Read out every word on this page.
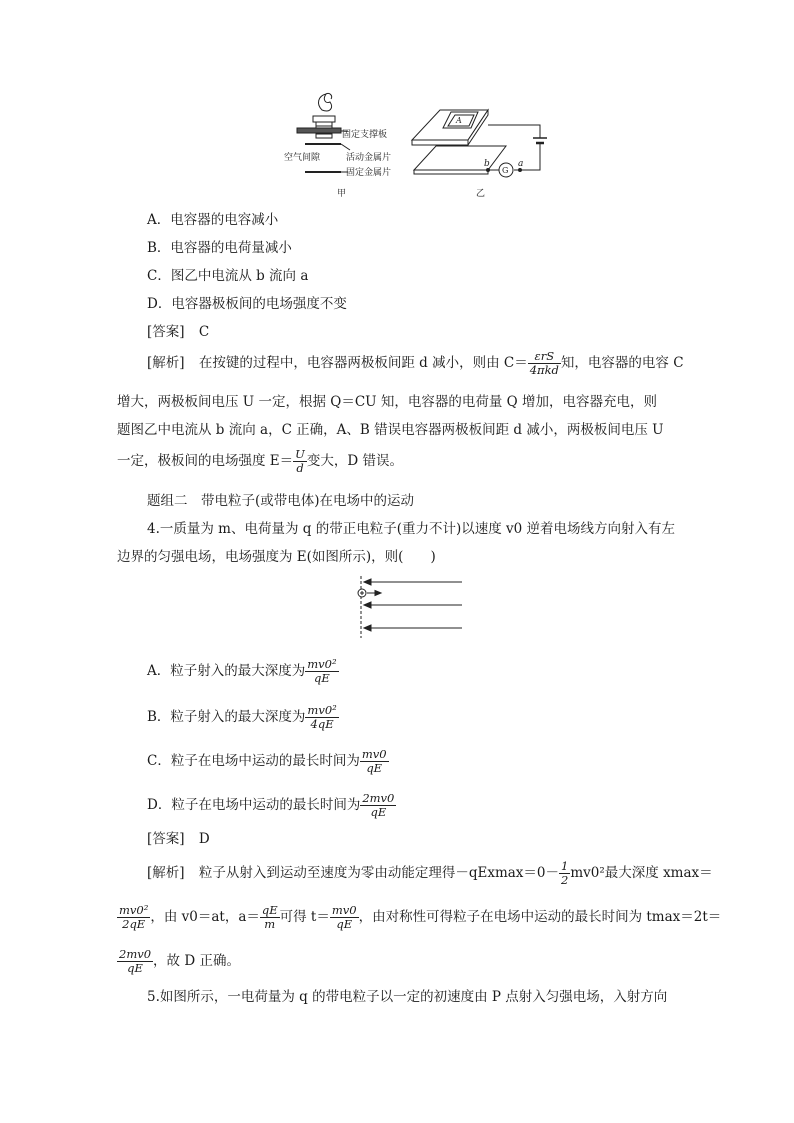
固定支撑板
空气间隙	活动金属片
固定金属片
甲
A
b
G
a
乙
A．电容器的电容减小
B．电容器的电荷量减小
C．图乙中电流从 b 流向 a
D．电容器极板间的电场强度不变
[答案] C
[解析] 在按键的过程中，电容器两极板间距 d 减小，则由 $C= \frac{\text{εrS}}{\text{4πkd}}$ 知，电容器的电容 C
增大，两极板间电压 U 一定，根据 Q＝CU 知，电容器的电荷量 Q 增加，电容器充电，则
题图乙中电流从 b 流向 a，C 正确，A、B 错误电容器两极板间距 d 减小，两极板间电压 U
一定，极板间的电场强度 $E= \frac{U}{d}$ 变大，D 错误。
题组二　带电粒子(或带电体)在电场中的运动
4.一质量为 m、电荷量为 q 的带正电粒子(重力不计)以速度 v0 逆着电场线方向射入有左
边界的匀强电场，电场强度为 E(如图所示)，则(　　)
A．粒子射入的最大深度为 $\frac{\text{mv0²}}{qE}$
B．粒子射入的最大深度为 $\frac{\text{mv0²}}{4qE}$
C．粒子在电场中运动的最长时间为 $\frac{mv0}{qE}$
D．粒子在电场中运动的最长时间为 $\frac{2mv0}{qE}$
[答案] D
[解析] 粒子从射入到运动至速度为零由动能定理得$-qExmax=0- \frac{1}{2} mv0^2$最大深度 xmax＝
$\frac{\text{mv0²}}{2qE}$ ，由 v0＝at，$a= \frac{qE}{m}$ 可得 $t= \frac{mv0}{qE}$ ，由对称性可得粒子在电场中运动的最长时间为 tmax＝2t＝
$\frac{2mv0}{qE}$ ，故 D 正确。
5.如图所示，一电荷量为 q 的带电粒子以一定的初速度由 P 点射入匀强电场，入射方向
